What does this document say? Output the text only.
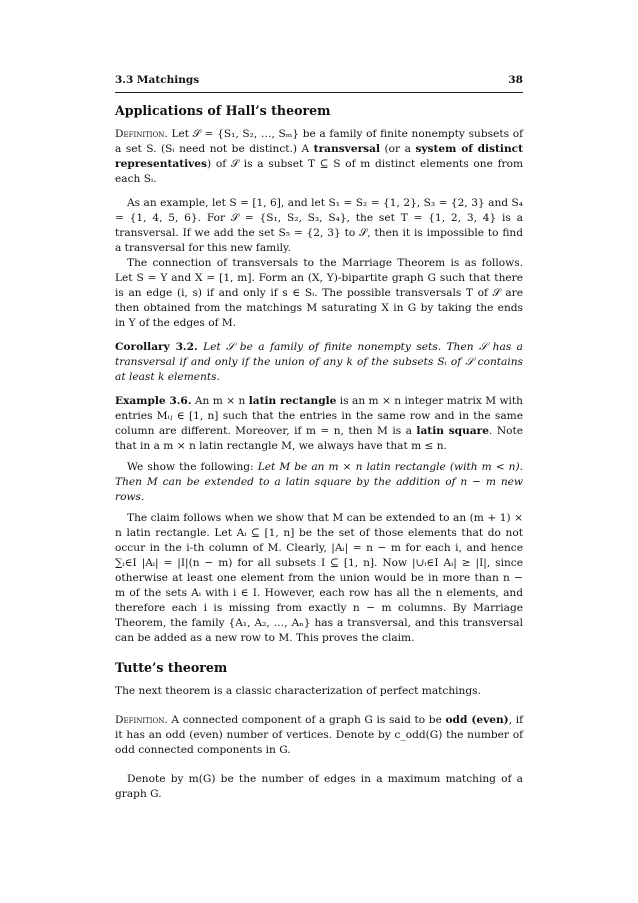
3.3 Matchings	38
Applications of Hall’s theorem

Definition. Let 𝒮 = {S₁, S₂, …, Sₘ} be a family of finite nonempty subsets of a set S. (Sᵢ need not be distinct.) A transversal (or a system of distinct representatives) of 𝒮 is a subset T ⊆ S of m distinct elements one from each Sᵢ.

As an example, let S = [1, 6], and let S₁ = S₂ = {1, 2}, S₃ = {2, 3} and S₄ = {1, 4, 5, 6}. For 𝒮 = {S₁, S₂, S₃, S₄}, the set T = {1, 2, 3, 4} is a transversal. If we add the set S₅ = {2, 3} to 𝒮, then it is impossible to find a transversal for this new family.

The connection of transversals to the Marriage Theorem is as follows. Let S = Y and X = [1, m]. Form an (X, Y)-bipartite graph G such that there is an edge (i, s) if and only if s ∈ Sᵢ. The possible transversals T of 𝒮 are then obtained from the matchings M saturating X in G by taking the ends in Y of the edges of M.

Corollary 3.2. Let 𝒮 be a family of finite nonempty sets. Then 𝒮 has a transversal if and only if the union of any k of the subsets Sᵢ of 𝒮 contains at least k elements.

Example 3.6. An m × n latin rectangle is an m × n integer matrix M with entries Mᵢⱼ ∈ [1, n] such that the entries in the same row and in the same column are different. Moreover, if m = n, then M is a latin square. Note that in a m × n latin rectangle M, we always have that m ≤ n.

We show the following: Let M be an m × n latin rectangle (with m < n). Then M can be extended to a latin square by the addition of n − m new rows.

The claim follows when we show that M can be extended to an (m + 1) × n latin rectangle. Let Aᵢ ⊆ [1, n] be the set of those elements that do not occur in the i-th column of M. Clearly, |Aᵢ| = n − m for each i, and hence ∑ᵢ∈I |Aᵢ| = |I|(n − m) for all subsets I ⊆ [1, n]. Now |∪ᵢ∈I Aᵢ| ≥ |I|, since otherwise at least one element from the union would be in more than n − m of the sets Aᵢ with i ∈ I. However, each row has all the n elements, and therefore each i is missing from exactly n − m columns. By Marriage Theorem, the family {A₁, A₂, …, Aₙ} has a transversal, and this transversal can be added as a new row to M. This proves the claim.

Tutte’s theorem

The next theorem is a classic characterization of perfect matchings.

Definition. A connected component of a graph G is said to be odd (even), if it has an odd (even) number of vertices. Denote by c_odd(G) the number of odd connected components in G.

Denote by m(G) be the number of edges in a maximum matching of a graph G.
